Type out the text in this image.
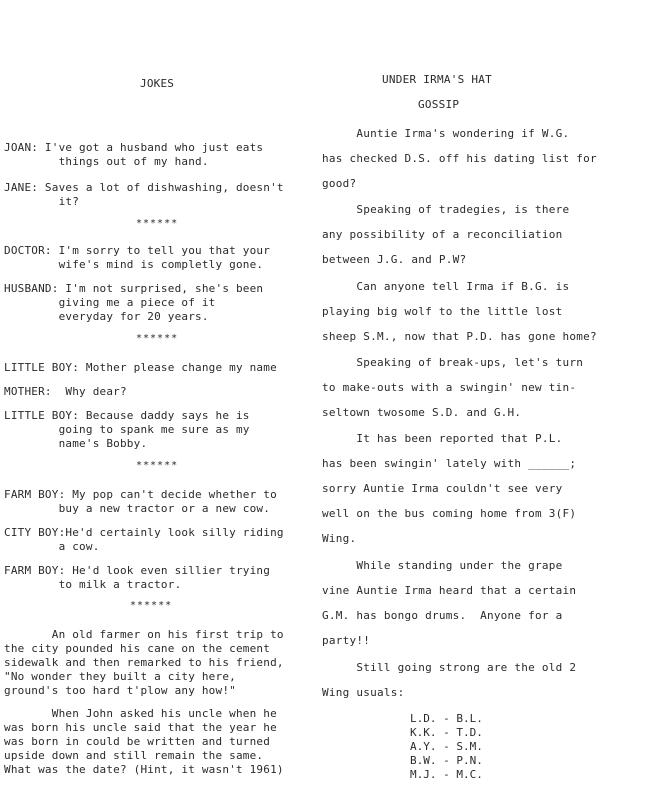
JOKES
JOAN: I've got a husband who just eats
things out of my hand.
JANE: Saves a lot of dishwashing, doesn't
it?
******
DOCTOR: I'm sorry to tell you that your
wife's mind is completly gone.
HUSBAND: I'm not surprised, she's been
giving me a piece of it
everyday for 20 years.
******
LITTLE BOY: Mother please change my name
MOTHER:  Why dear?
LITTLE BOY: Because daddy says he is
going to spank me sure as my
name's Bobby.
******
FARM BOY: My pop can't decide whether to
buy a new tractor or a new cow.
CITY BOY:He'd certainly look silly riding
a cow.
FARM BOY: He'd look even sillier trying
to milk a tractor.
******
An old farmer on his first trip to
the city pounded his cane on the cement
sidewalk and then remarked to his friend,
"No wonder they built a city here,
ground's too hard t'plow any how!"
When John asked his uncle when he
was born his uncle said that the year he
was born in could be written and turned
upside down and still remain the same.
What was the date? (Hint, it wasn't 1961)
UNDER IRMA'S HAT
GOSSIP
Auntie Irma's wondering if W.G.
has checked D.S. off his dating list for
good?
Speaking of tradegies, is there
any possibility of a reconciliation
between J.G. and P.W?
Can anyone tell Irma if B.G. is
playing big wolf to the little lost
sheep S.M., now that P.D. has gone home?
Speaking of break-ups, let's turn
to make-outs with a swingin' new tin-
seltown twosome S.D. and G.H.
It has been reported that P.L.
has been swingin' lately with ______;
sorry Auntie Irma couldn't see very
well on the bus coming home from 3(F)
Wing.
While standing under the grape
vine Auntie Irma heard that a certain
G.M. has bongo drums.  Anyone for a
party!!
Still going strong are the old 2
Wing usuals:
L.D. - B.L.
K.K. - T.D.
A.Y. - S.M.
B.W. - P.N.
M.J. - M.C.
